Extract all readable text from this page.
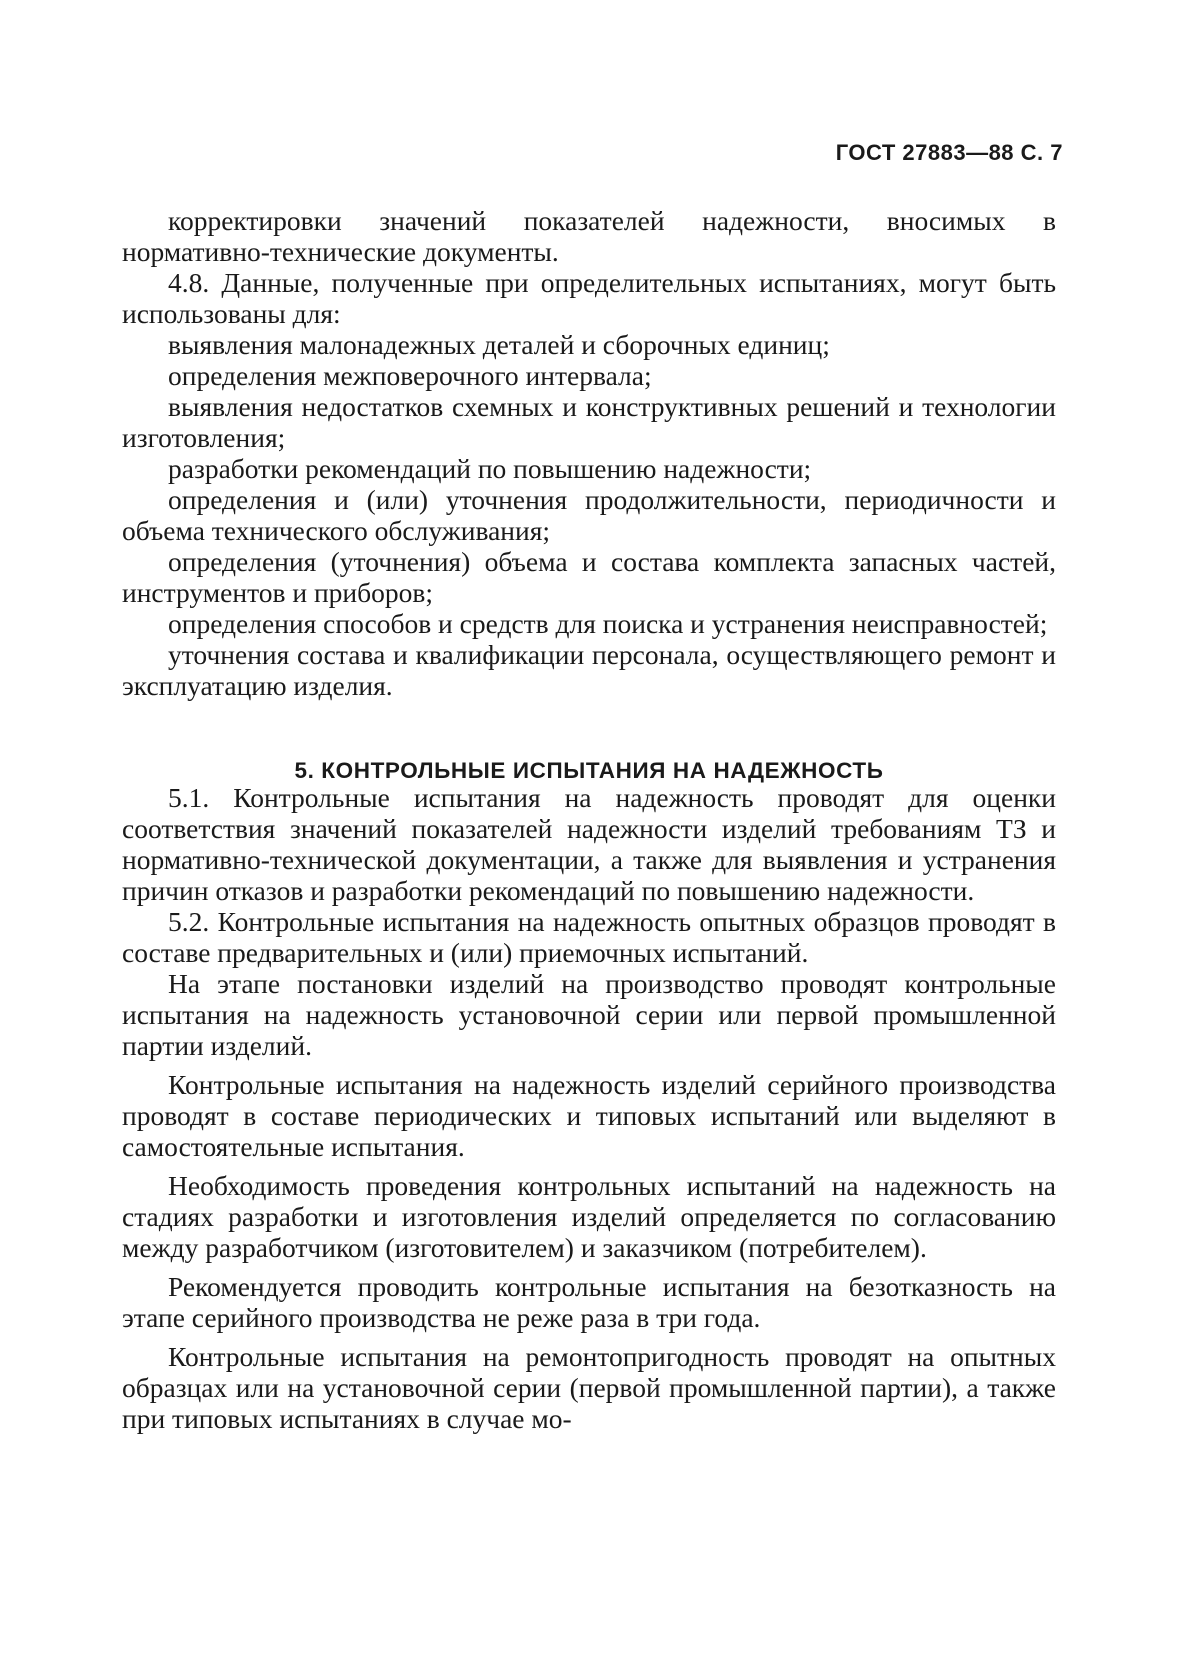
ГОСТ 27883—88 С. 7

корректировки значений показателей надежности, вносимых в нормативно-технические документы.

4.8. Данные, полученные при определительных испытаниях, могут быть использованы для:

выявления малонадежных деталей и сборочных единиц;

определения межповерочного интервала;

выявления недостатков схемных и конструктивных решений и технологии изготовления;

разработки рекомендаций по повышению надежности;

определения и (или) уточнения продолжительности, периодичности и объема технического обслуживания;

определения (уточнения) объема и состава комплекта запасных частей, инструментов и приборов;

определения способов и средств для поиска и устранения неисправностей;

уточнения состава и квалификации персонала, осуществляющего ремонт и эксплуатацию изделия.

5. КОНТРОЛЬНЫЕ ИСПЫТАНИЯ НА НАДЕЖНОСТЬ

5.1. Контрольные испытания на надежность проводят для оценки соответствия значений показателей надежности изделий требованиям ТЗ и нормативно-технической документации, а также для выявления и устранения причин отказов и разработки рекомендаций по повышению надежности.

5.2. Контрольные испытания на надежность опытных образцов проводят в составе предварительных и (или) приемочных испытаний.

На этапе постановки изделий на производство проводят контрольные испытания на надежность установочной серии или первой промышленной партии изделий.

Контрольные испытания на надежность изделий серийного производства проводят в составе периодических и типовых испытаний или выделяют в самостоятельные испытания.

Необходимость проведения контрольных испытаний на надежность на стадиях разработки и изготовления изделий определяется по согласованию между разработчиком (изготовителем) и заказчиком (потребителем).

Рекомендуется проводить контрольные испытания на безотказность на этапе серийного производства не реже раза в три года.

Контрольные испытания на ремонтопригодность проводят на опытных образцах или на установочной серии (первой промышленной партии), а также при типовых испытаниях в случае мо-
